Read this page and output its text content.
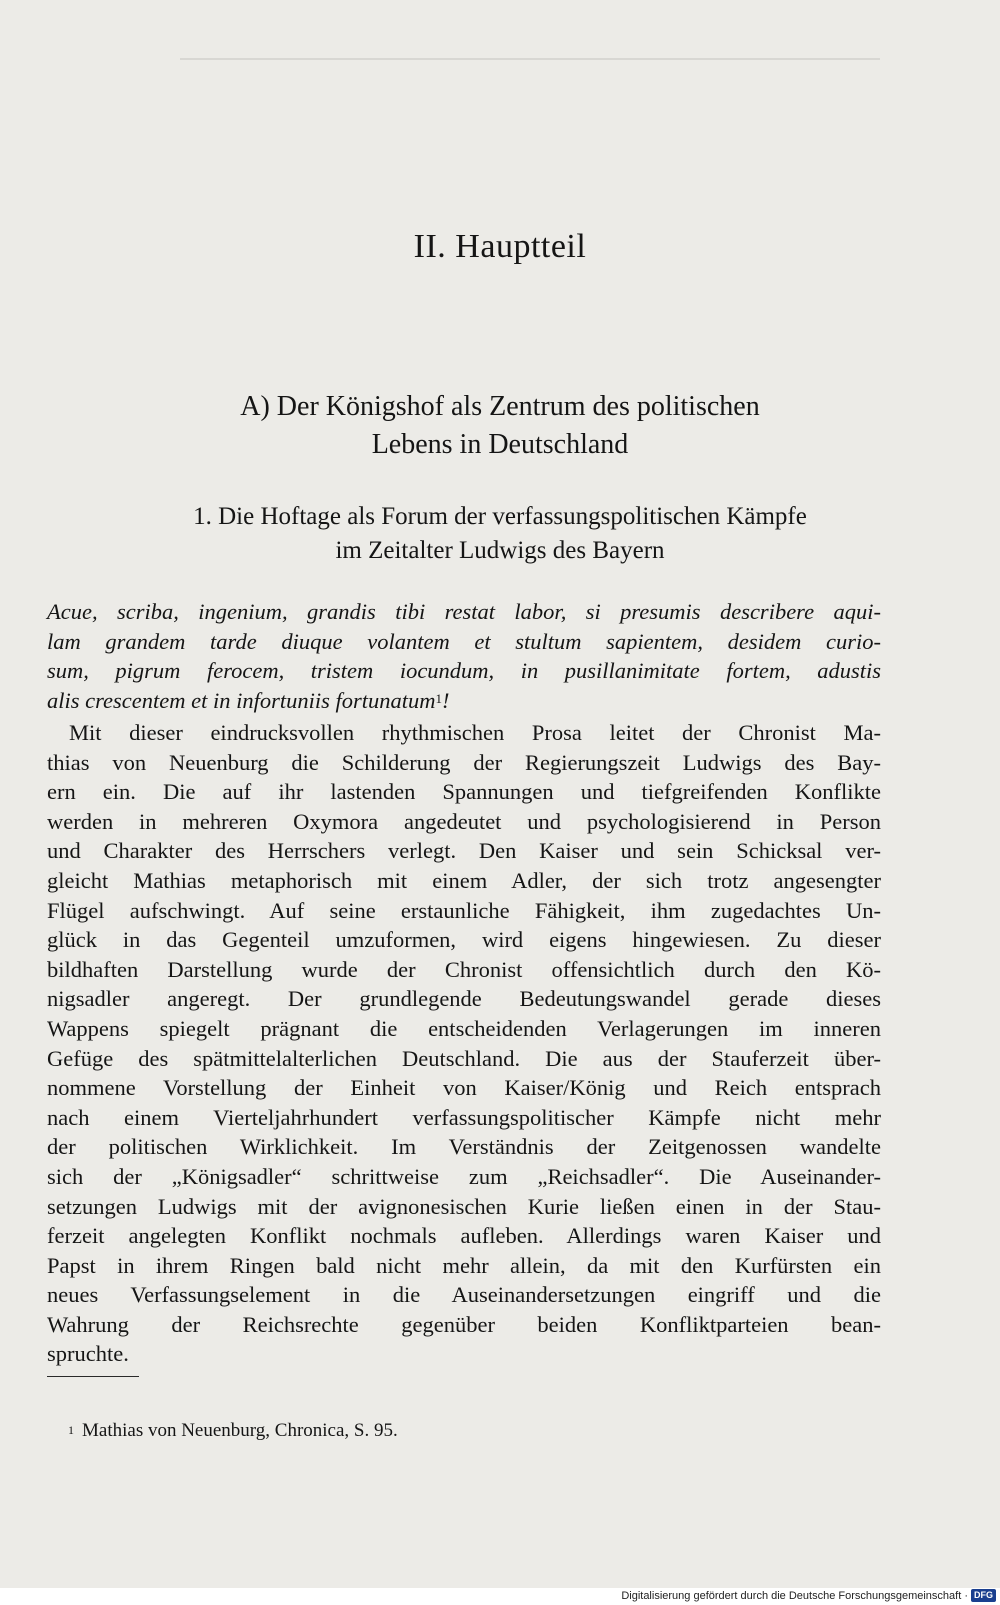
II. Hauptteil
A) Der Königshof als Zentrum des politischen
Lebens in Deutschland
1. Die Hoftage als Forum der verfassungspolitischen Kämpfe
im Zeitalter Ludwigs des Bayern
Acue, scriba, ingenium, grandis tibi restat labor, si presumis describere aqui-
lam grandem tarde diuque volantem et stultum sapientem, desidem curio-
sum, pigrum ferocem, tristem iocundum, in pusillanimitate fortem, adustis
alis crescentem et in infortuniis fortunatum$^1$!
Mit dieser eindrucksvollen rhythmischen Prosa leitet der Chronist Ma-
thias von Neuenburg die Schilderung der Regierungszeit Ludwigs des Bay-
ern ein. Die auf ihr lastenden Spannungen und tiefgreifenden Konflikte
werden in mehreren Oxymora angedeutet und psychologisierend in Person
und Charakter des Herrschers verlegt. Den Kaiser und sein Schicksal ver-
gleicht Mathias metaphorisch mit einem Adler, der sich trotz angesengter
Flügel aufschwingt. Auf seine erstaunliche Fähigkeit, ihm zugedachtes Un-
glück in das Gegenteil umzuformen, wird eigens hingewiesen. Zu dieser
bildhaften Darstellung wurde der Chronist offensichtlich durch den Kö-
nigsadler angeregt. Der grundlegende Bedeutungswandel gerade dieses
Wappens spiegelt prägnant die entscheidenden Verlagerungen im inneren
Gefüge des spätmittelalterlichen Deutschland. Die aus der Stauferzeit über-
nommene Vorstellung der Einheit von Kaiser/König und Reich entsprach
nach einem Vierteljahrhundert verfassungspolitischer Kämpfe nicht mehr
der politischen Wirklichkeit. Im Verständnis der Zeitgenossen wandelte
sich der „Königsadler“ schrittweise zum „Reichsadler“. Die Auseinander-
setzungen Ludwigs mit der avignonesischen Kurie ließen einen in der Stau-
ferzeit angelegten Konflikt nochmals aufleben. Allerdings waren Kaiser und
Papst in ihrem Ringen bald nicht mehr allein, da mit den Kurfürsten ein
neues Verfassungselement in die Auseinandersetzungen eingriff und die
Wahrung der Reichsrechte gegenüber beiden Konfliktparteien bean-
spruchte.
$^1$ Mathias von Neuenburg, Chronica, S. 95.
Digitalisierung gefördert durch die Deutsche Forschungsgemeinschaft · DFG
